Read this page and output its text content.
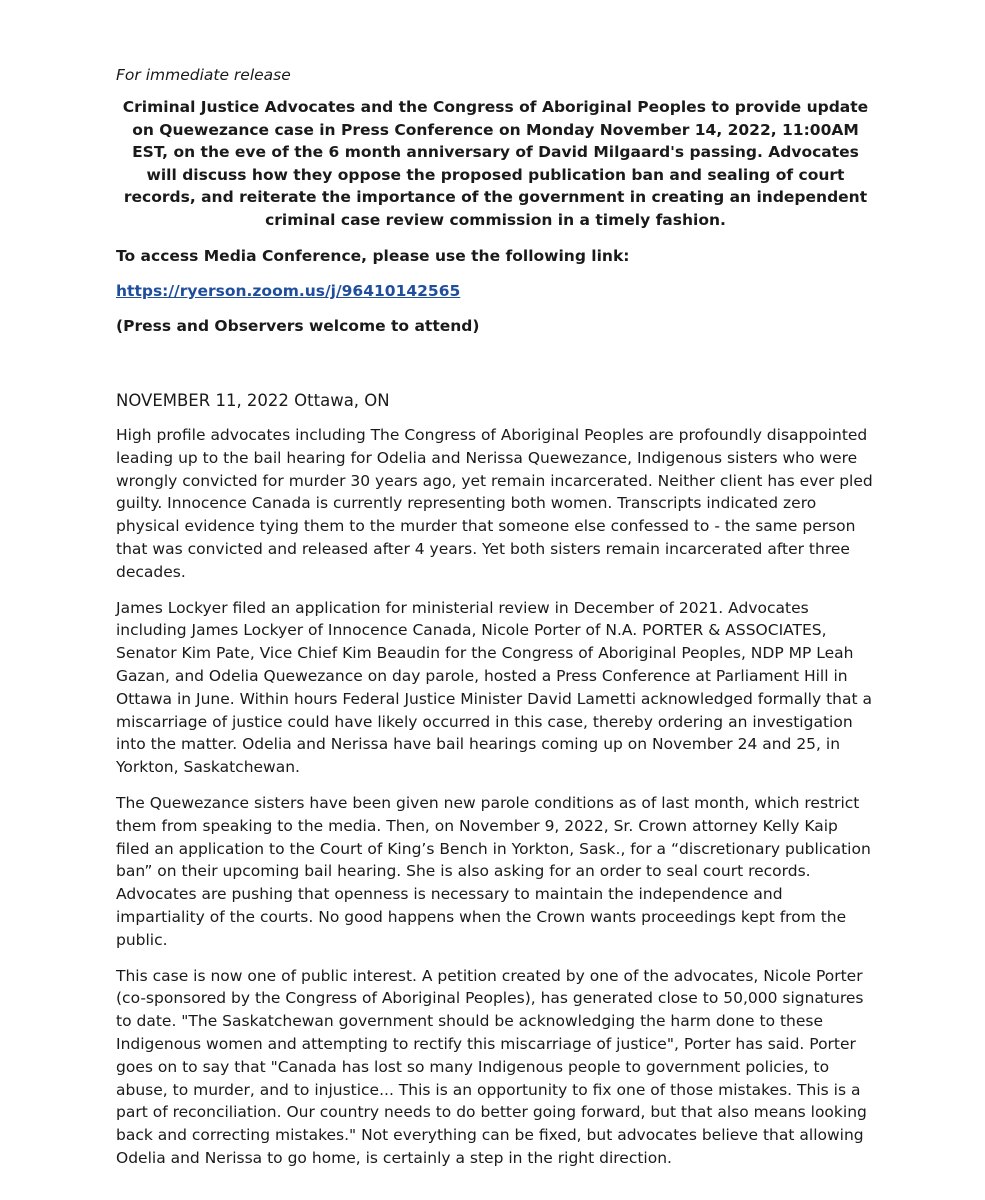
For immediate release

Criminal Justice Advocates and the Congress of Aboriginal Peoples to provide update on Quewezance case in Press Conference on Monday November 14, 2022, 11:00AM EST, on the eve of the 6 month anniversary of David Milgaard's passing. Advocates will discuss how they oppose the proposed publication ban and sealing of court records, and reiterate the importance of the government in creating an independent criminal case review commission in a timely fashion.

To access Media Conference, please use the following link:

https://ryerson.zoom.us/j/96410142565

(Press and Observers welcome to attend)

NOVEMBER 11, 2022 Ottawa, ON

High profile advocates including The Congress of Aboriginal Peoples are profoundly disappointed leading up to the bail hearing for Odelia and Nerissa Quewezance, Indigenous sisters who were wrongly convicted for murder 30 years ago, yet remain incarcerated. Neither client has ever pled guilty. Innocence Canada is currently representing both women. Transcripts indicated zero physical evidence tying them to the murder that someone else confessed to - the same person that was convicted and released after 4 years. Yet both sisters remain incarcerated after three decades.

James Lockyer filed an application for ministerial review in December of 2021. Advocates including James Lockyer of Innocence Canada, Nicole Porter of N.A. PORTER & ASSOCIATES, Senator Kim Pate, Vice Chief Kim Beaudin for the Congress of Aboriginal Peoples, NDP MP Leah Gazan, and Odelia Quewezance on day parole, hosted a Press Conference at Parliament Hill in Ottawa in June. Within hours Federal Justice Minister David Lametti acknowledged formally that a miscarriage of justice could have likely occurred in this case, thereby ordering an investigation into the matter. Odelia and Nerissa have bail hearings coming up on November 24 and 25, in Yorkton, Saskatchewan.

The Quewezance sisters have been given new parole conditions as of last month, which restrict them from speaking to the media. Then, on November 9, 2022, Sr. Crown attorney Kelly Kaip filed an application to the Court of King’s Bench in Yorkton, Sask., for a “discretionary publication ban” on their upcoming bail hearing. She is also asking for an order to seal court records. Advocates are pushing that openness is necessary to maintain the independence and impartiality of the courts. No good happens when the Crown wants proceedings kept from the public.

This case is now one of public interest. A petition created by one of the advocates, Nicole Porter (co-sponsored by the Congress of Aboriginal Peoples), has generated close to 50,000 signatures to date. "The Saskatchewan government should be acknowledging the harm done to these Indigenous women and attempting to rectify this miscarriage of justice", Porter has said. Porter goes on to say that "Canada has lost so many Indigenous people to government policies, to abuse, to murder, and to injustice... This is an opportunity to fix one of those mistakes. This is a part of reconciliation. Our country needs to do better going forward, but that also means looking back and correcting mistakes." Not everything can be fixed, but advocates believe that allowing Odelia and Nerissa to go home, is certainly a step in the right direction.
